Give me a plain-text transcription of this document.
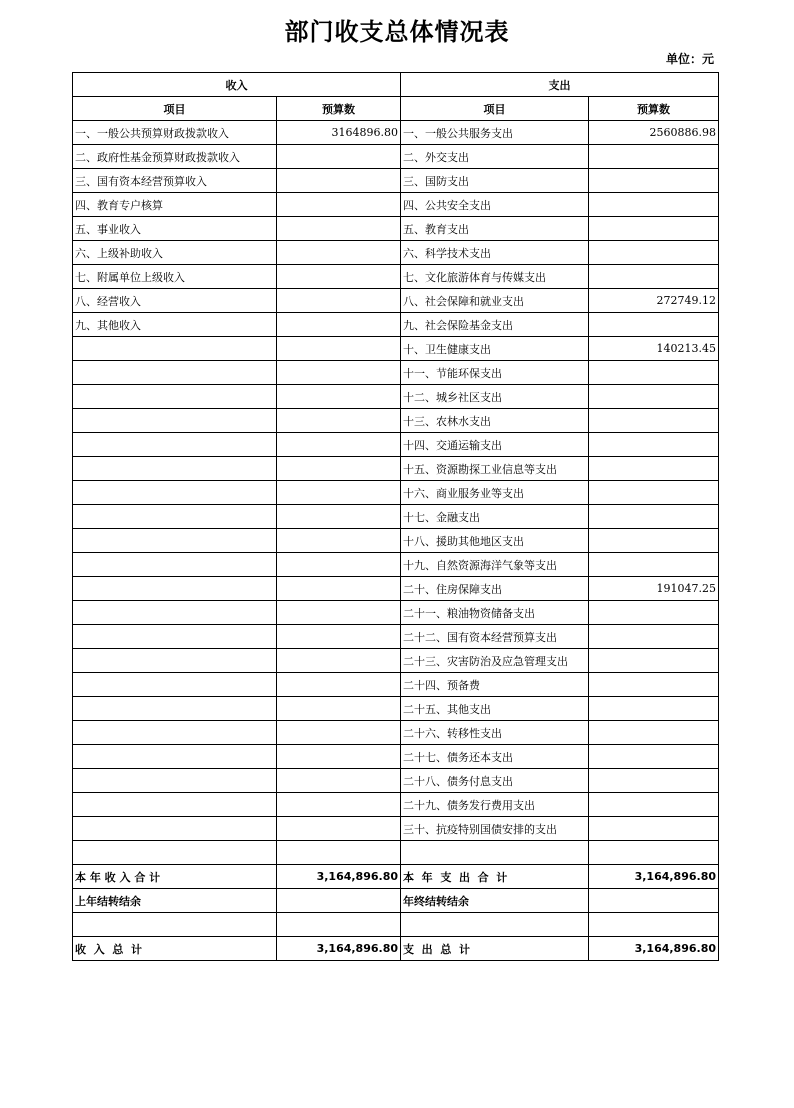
部门收支总体情况表
单位：元
收入		支出	
项目	预算数	项目	预算数
一、一般公共预算财政拨款收入	3164896.80	一、一般公共服务支出	2560886.98
二、政府性基金预算财政拨款收入		二、外交支出	
三、国有资本经营预算收入		三、国防支出	
四、教育专户核算		四、公共安全支出	
五、事业收入		五、教育支出	
六、上级补助收入		六、科学技术支出	
七、附属单位上级收入		七、文化旅游体育与传媒支出	
八、经营收入		八、社会保障和就业支出	272749.12
九、其他收入		九、社会保险基金支出	
		十、卫生健康支出	140213.45
		十一、节能环保支出	
		十二、城乡社区支出	
		十三、农林水支出	
		十四、交通运输支出	
		十五、资源勘探工业信息等支出	
		十六、商业服务业等支出	
		十七、金融支出	
		十八、援助其他地区支出	
		十九、自然资源海洋气象等支出	
		二十、住房保障支出	191047.25
		二十一、粮油物资储备支出	
		二十二、国有资本经营预算支出	
		二十三、灾害防治及应急管理支出	
		二十四、预备费	
		二十五、其他支出	
		二十六、转移性支出	
		二十七、债务还本支出	
		二十八、债务付息支出	
		二十九、债务发行费用支出	
		三十、抗疫特别国债安排的支出	

本 年 收 入 合 计	3,164,896.80	本  年  支  出  合  计	3,164,896.80
上年结转结余		年终结转结余	

收  入  总  计	3,164,896.80	支  出  总  计	3,164,896.80
